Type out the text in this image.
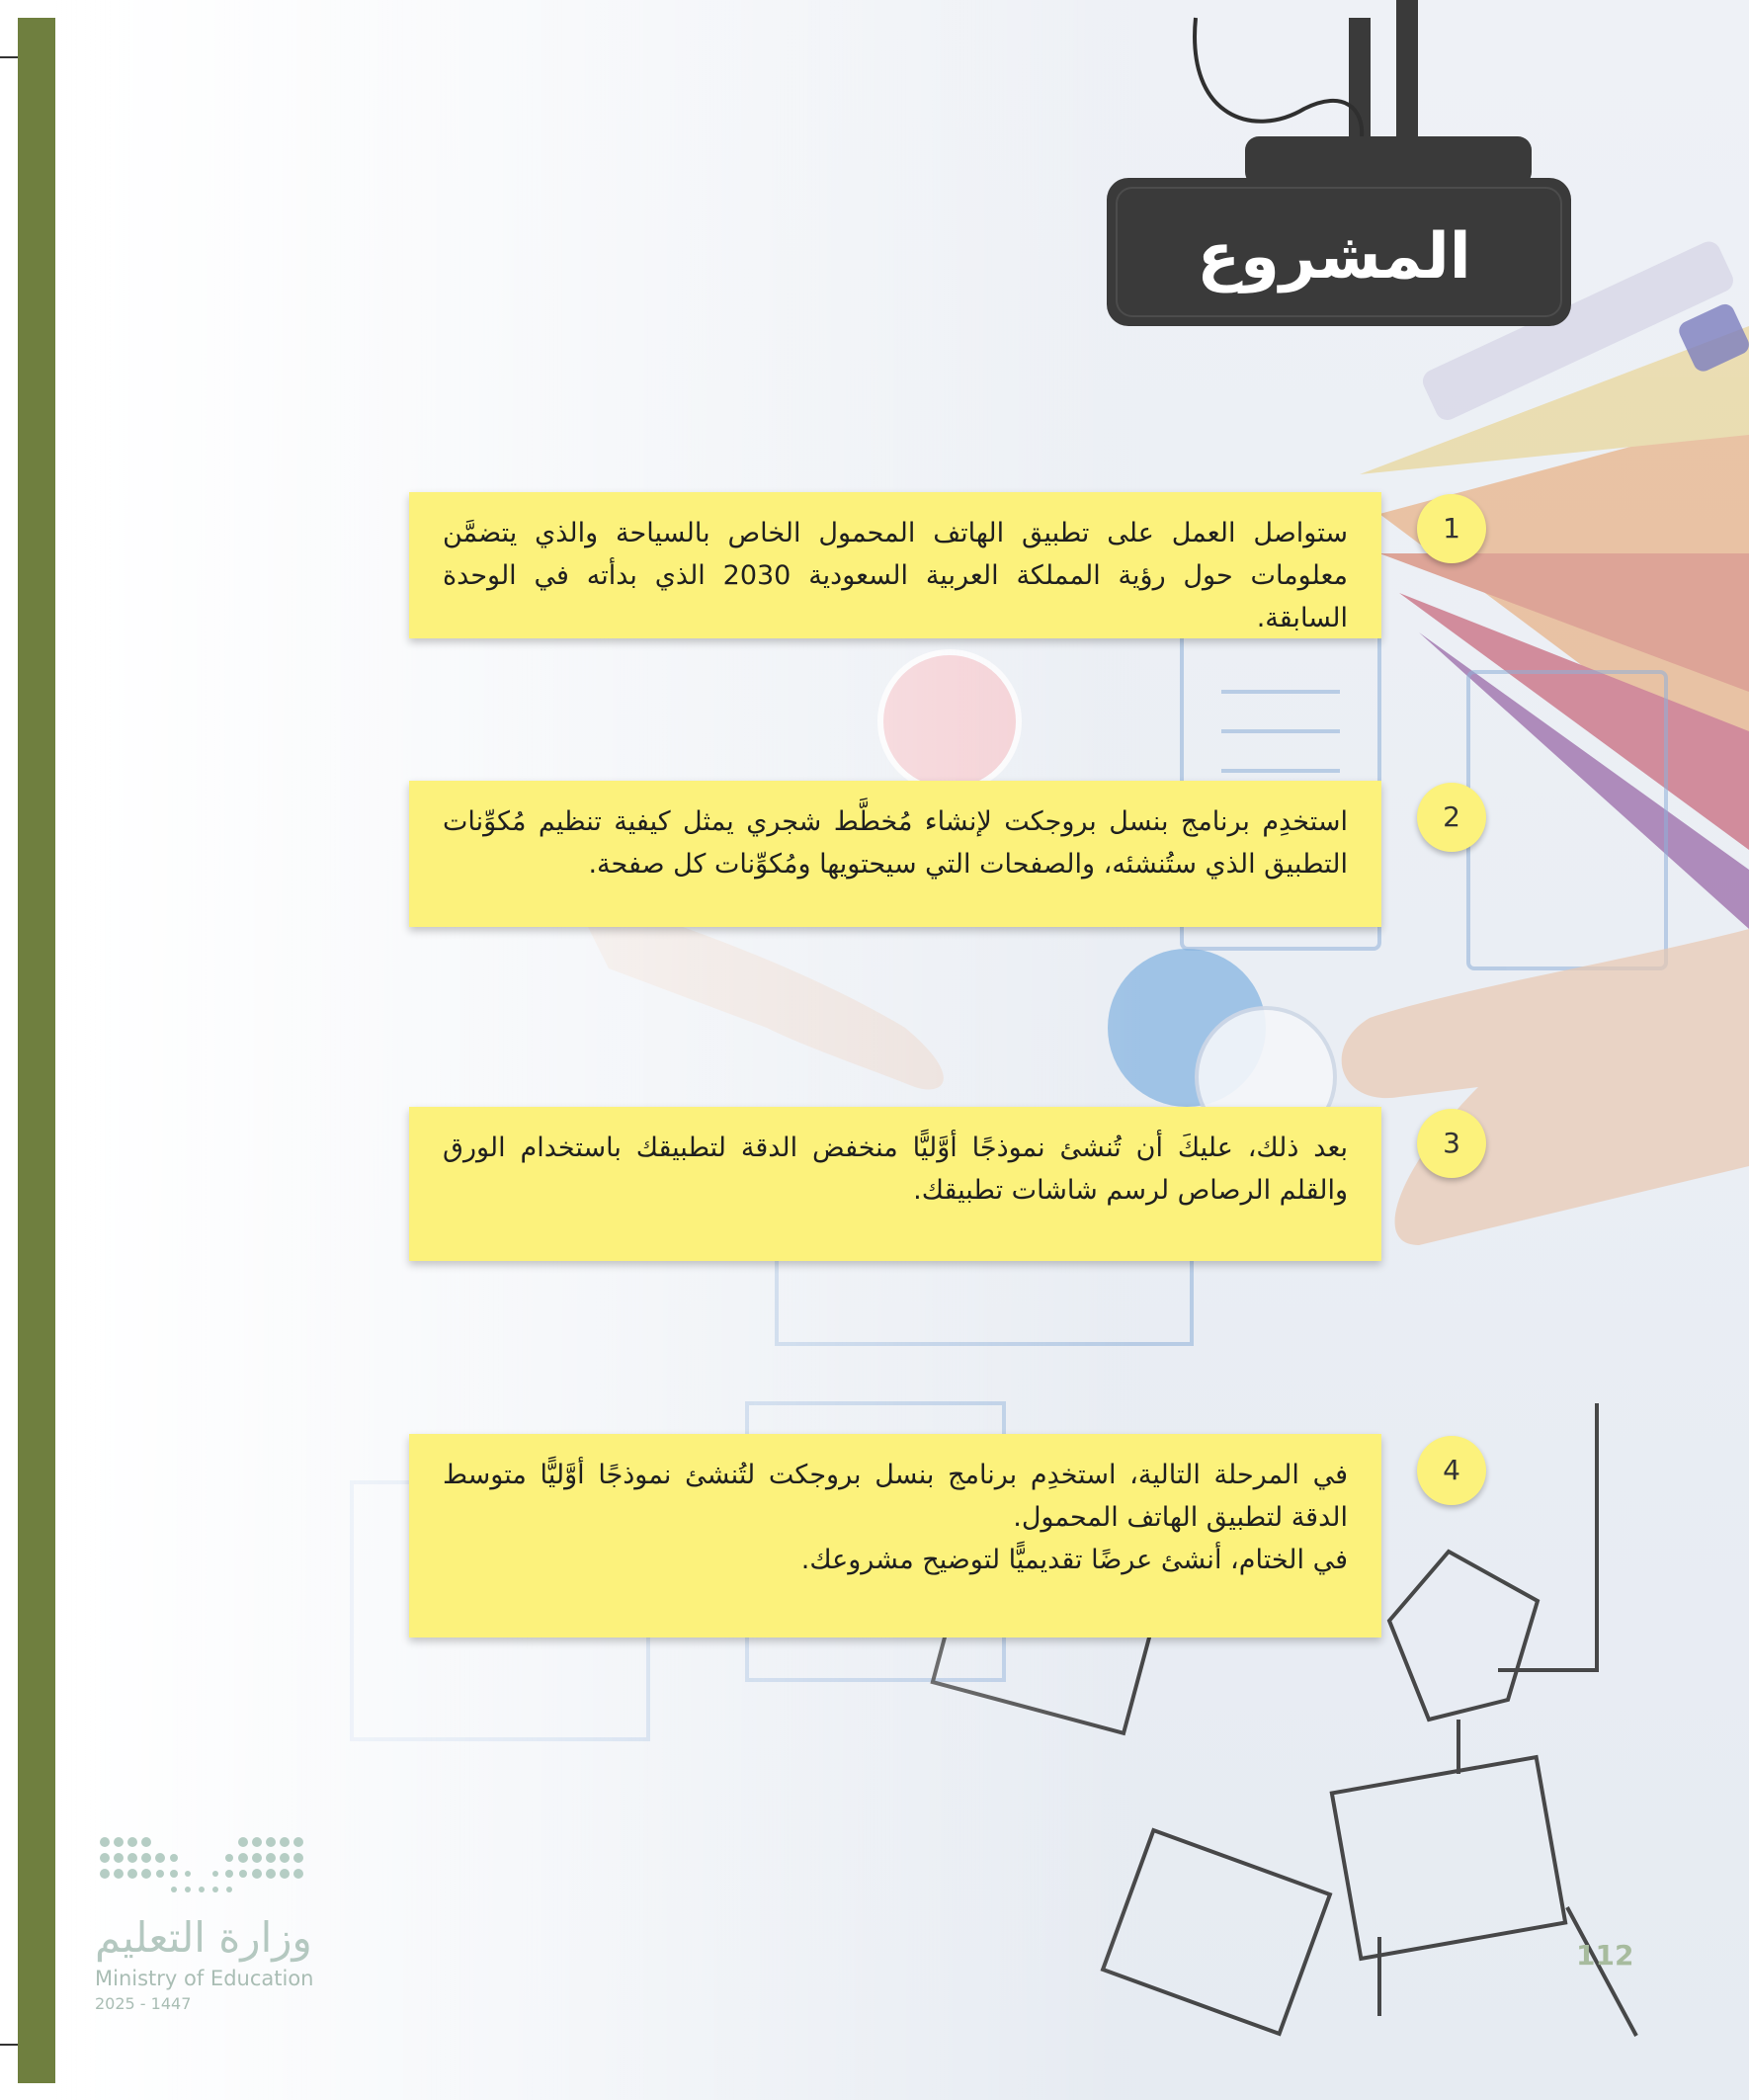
المشروع
1

ستواصل العمل على تطبيق الهاتف المحمول الخاص بالسياحة والذي يتضمَّن معلومات حول رؤية المملكة العربية السعودية 2030 الذي بدأته في الوحدة السابقة.

2

استخدِم برنامج بنسل بروجكت لإنشاء مُخطَّط شجري يمثل كيفية تنظيم مُكوِّنات التطبيق الذي ستُنشئه، والصفحات التي سيحتويها ومُكوِّنات كل صفحة.

3

بعد ذلك، عليكَ أن تُنشئ نموذجًا أوَّليًّا منخفض الدقة لتطبيقك باستخدام الورق والقلم الرصاص لرسم شاشات تطبيقك.

4

في المرحلة التالية، استخدِم برنامج بنسل بروجكت لتُنشئ نموذجًا أوَّليًّا متوسط الدقة لتطبيق الهاتف المحمول.

في الختام، أنشئ عرضًا تقديميًّا لتوضيح مشروعك.

وزارة التعليم
Ministry of Education
2025 - 1447
112
